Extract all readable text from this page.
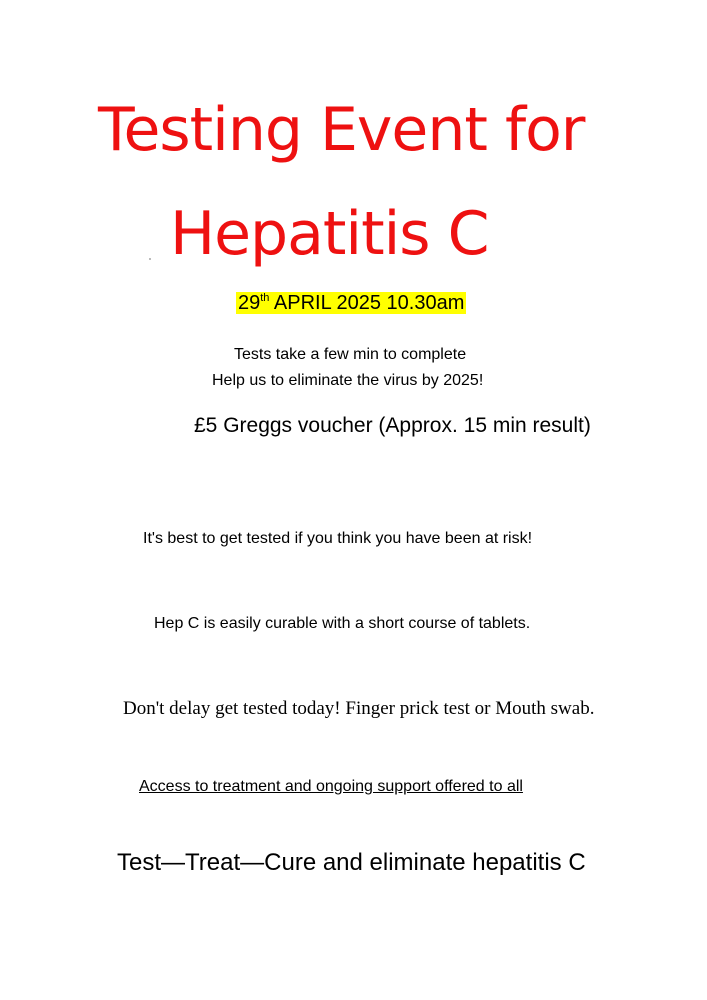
Testing Event for
Hepatitis C
29th APRIL 2025 10.30am
Tests take a few min to complete
Help us to eliminate the virus by 2025!
£5 Greggs voucher (Approx. 15 min result)
It's best to get tested if you think you have been at risk!
Hep C is easily curable with a short course of tablets.
Don't delay get tested today! Finger prick test or Mouth swab.
Access to treatment and ongoing support offered to all
Test—Treat—Cure and eliminate hepatitis C
